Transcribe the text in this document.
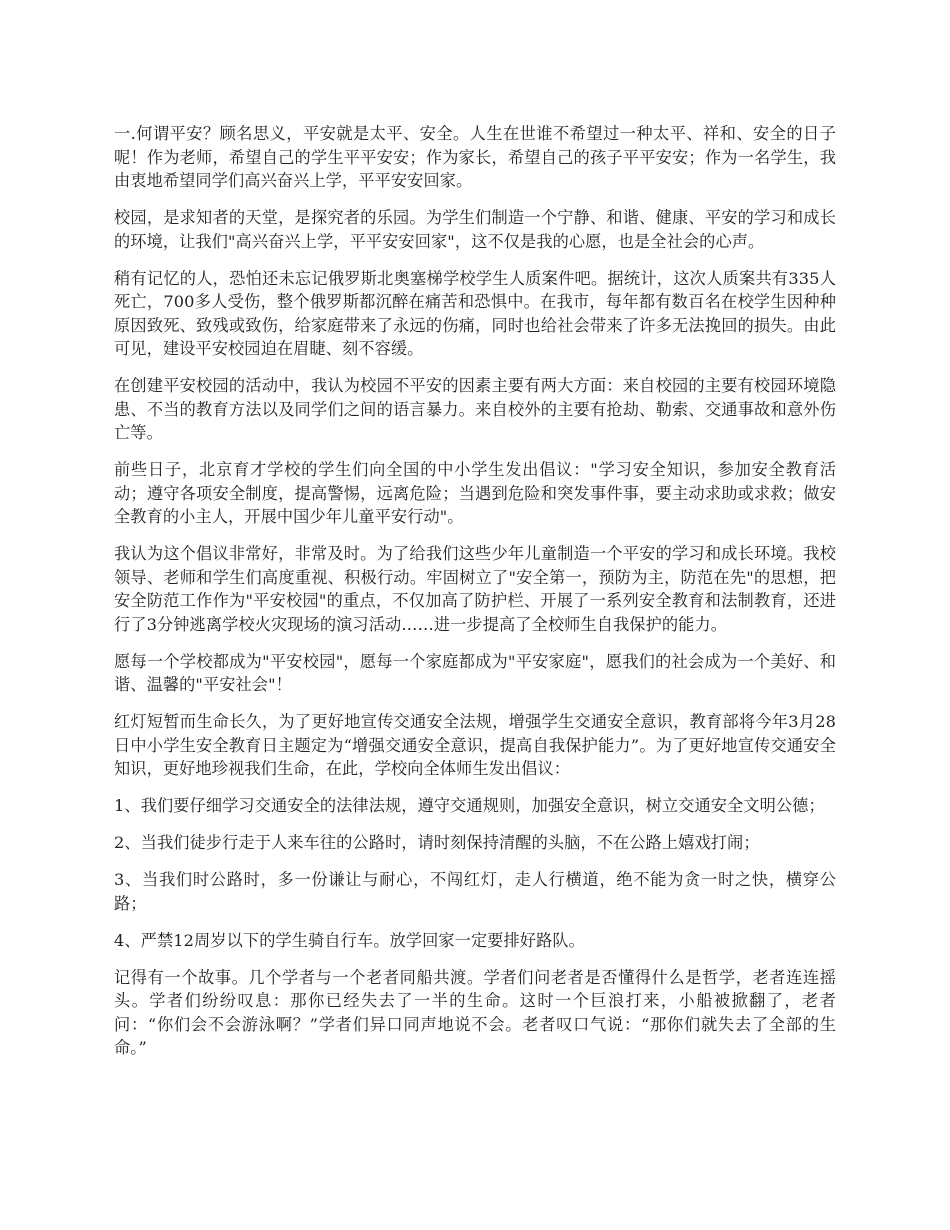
一.何谓平安？顾名思义，平安就是太平、安全。人生在世谁不希望过一种太平、祥和、安全的日子呢！作为老师，希望自己的学生平平安安；作为家长，希望自己的孩子平平安安；作为一名学生，我由衷地希望同学们高兴奋兴上学，平平安安回家。

校园，是求知者的天堂，是探究者的乐园。为学生们制造一个宁静、和谐、健康、平安的学习和成长的环境，让我们"高兴奋兴上学，平平安安回家"，这不仅是我的心愿，也是全社会的心声。

稍有记忆的人，恐怕还未忘记俄罗斯北奥塞梯学校学生人质案件吧。据统计，这次人质案共有335人死亡，700多人受伤，整个俄罗斯都沉醉在痛苦和恐惧中。在我市，每年都有数百名在校学生因种种原因致死、致残或致伤，给家庭带来了永远的伤痛，同时也给社会带来了许多无法挽回的损失。由此可见，建设平安校园迫在眉睫、刻不容缓。

在创建平安校园的活动中，我认为校园不平安的因素主要有两大方面：来自校园的主要有校园环境隐患、不当的教育方法以及同学们之间的语言暴力。来自校外的主要有抢劫、勒索、交通事故和意外伤亡等。

前些日子，北京育才学校的学生们向全国的中小学生发出倡议："学习安全知识，参加安全教育活动；遵守各项安全制度，提高警惕，远离危险；当遇到危险和突发事件事，要主动求助或求救；做安全教育的小主人，开展中国少年儿童平安行动"。

我认为这个倡议非常好，非常及时。为了给我们这些少年儿童制造一个平安的学习和成长环境。我校领导、老师和学生们高度重视、积极行动。牢固树立了"安全第一，预防为主，防范在先"的思想，把安全防范工作作为"平安校园"的重点，不仅加高了防护栏、开展了一系列安全教育和法制教育，还进行了3分钟逃离学校火灾现场的演习活动……进一步提高了全校师生自我保护的能力。

愿每一个学校都成为"平安校园"，愿每一个家庭都成为"平安家庭"，愿我们的社会成为一个美好、和谐、温馨的"平安社会"！

红灯短暂而生命长久，为了更好地宣传交通安全法规，增强学生交通安全意识，教育部将今年3月28日中小学生安全教育日主题定为“增强交通安全意识，提高自我保护能力”。为了更好地宣传交通安全知识，更好地珍视我们生命，在此，学校向全体师生发出倡议：

1、我们要仔细学习交通安全的法律法规，遵守交通规则，加强安全意识，树立交通安全文明公德；

2、当我们徒步行走于人来车往的公路时，请时刻保持清醒的头脑，不在公路上嬉戏打闹；

3、当我们时公路时，多一份谦让与耐心，不闯红灯，走人行横道，绝不能为贪一时之快，横穿公路；

4、严禁12周岁以下的学生骑自行车。放学回家一定要排好路队。

记得有一个故事。几个学者与一个老者同船共渡。学者们问老者是否懂得什么是哲学，老者连连摇头。学者们纷纷叹息：那你已经失去了一半的生命。这时一个巨浪打来，小船被掀翻了，老者问：“你们会不会游泳啊？”学者们异口同声地说不会。老者叹口气说：“那你们就失去了全部的生命。”
